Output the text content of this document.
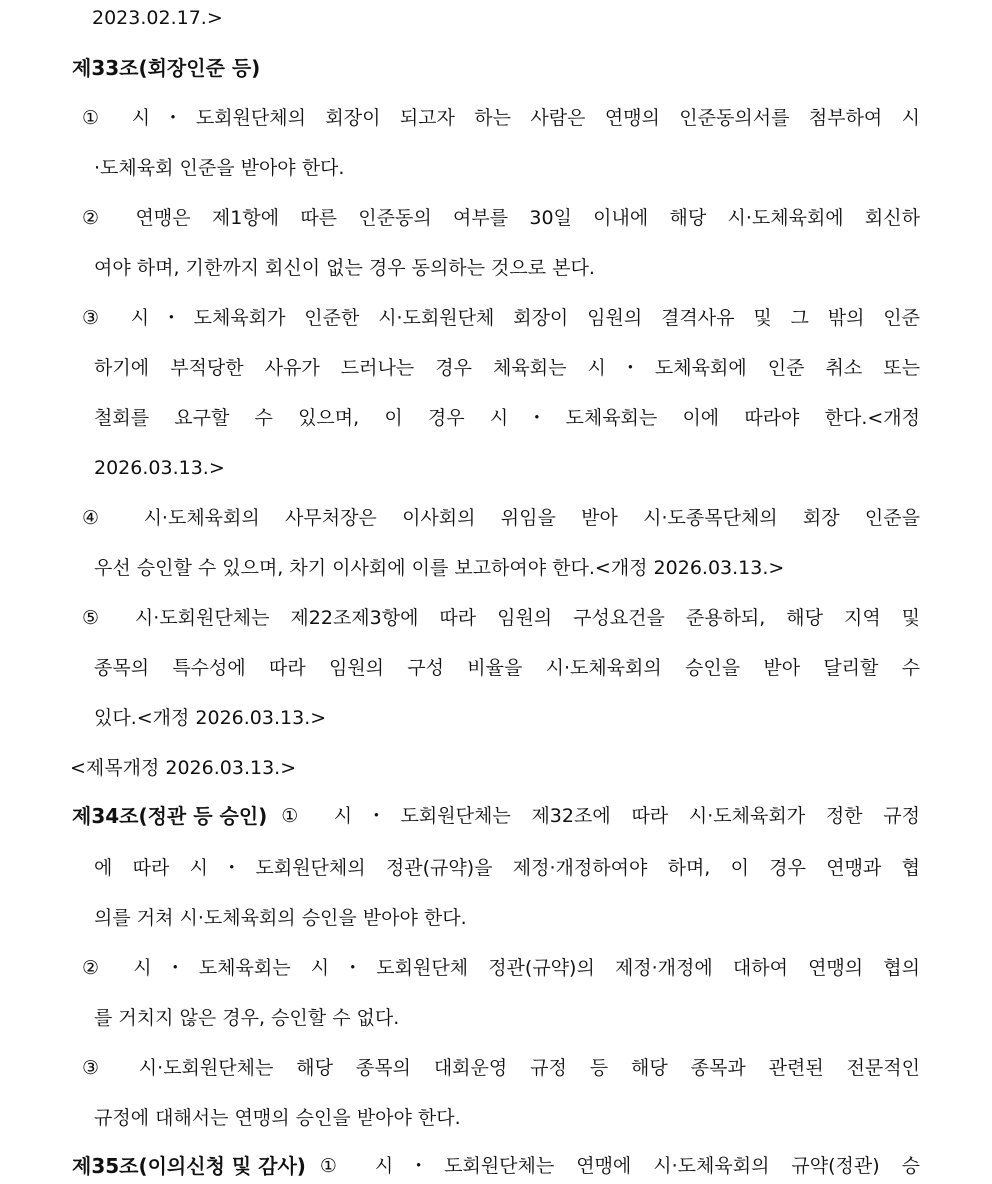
2023.02.17.>
제33조(회장인준 등)
① 시・도회원단체의 회장이 되고자 하는 사람은 연맹의 인준동의서를 첨부하여 시
·도체육회 인준을 받아야 한다.
② 연맹은 제1항에 따른 인준동의 여부를 30일 이내에 해당 시·도체육회에 회신하
여야 하며, 기한까지 회신이 없는 경우 동의하는 것으로 본다.
③ 시・도체육회가 인준한 시·도회원단체 회장이 임원의 결격사유 및 그 밖의 인준
하기에 부적당한 사유가 드러나는 경우 체육회는 시・도체육회에 인준 취소 또는
철회를 요구할 수 있으며, 이 경우 시・도체육회는 이에 따라야 한다.<개정
2026.03.13.>
④ 시·도체육회의 사무처장은 이사회의 위임을 받아 시·도종목단체의 회장 인준을
우선 승인할 수 있으며, 차기 이사회에 이를 보고하여야 한다.<개정 2026.03.13.>
⑤ 시·도회원단체는 제22조제3항에 따라 임원의 구성요건을 준용하되, 해당 지역 및
종목의 특수성에 따라 임원의 구성 비율을 시·도체육회의 승인을 받아 달리할 수
있다.<개정 2026.03.13.>
<제목개정 2026.03.13.>
제34조(정관 등 승인) ① 시・도회원단체는 제32조에 따라 시·도체육회가 정한 규정
에 따라 시・도회원단체의 정관(규약)을 제정·개정하여야 하며, 이 경우 연맹과 협
의를 거쳐 시·도체육회의 승인을 받아야 한다.
② 시・도체육회는 시・도회원단체 정관(규약)의 제정·개정에 대하여 연맹의 협의
를 거치지 않은 경우, 승인할 수 없다.
③ 시·도회원단체는 해당 종목의 대회운영 규정 등 해당 종목과 관련된 전문적인
규정에 대해서는 연맹의 승인을 받아야 한다.
제35조(이의신청 및 감사) ① 시・도회원단체는 연맹에 시·도체육회의 규약(정관) 승
